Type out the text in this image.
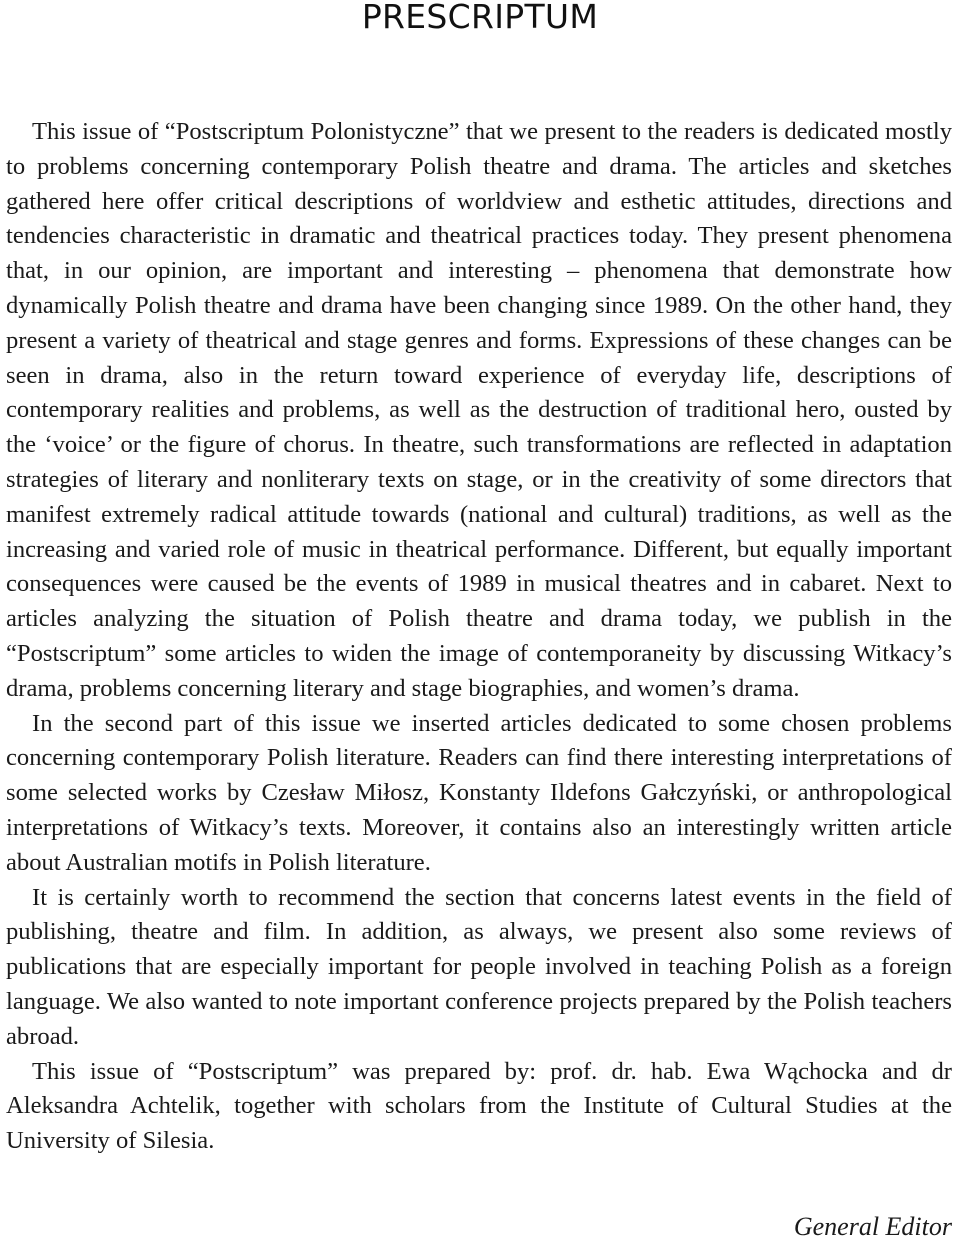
PRESCRIPTUM

This issue of “Postscriptum Polonistyczne” that we present to the readers is dedicated mostly to problems concerning contemporary Polish theatre and drama. The articles and sketches gathered here offer critical descriptions of worldview and esthetic attitudes, directions and tendencies characteristic in dramatic and theatrical practices today. They present phenomena that, in our opinion, are important and interesting – phenomena that demonstrate how dynamically Polish theatre and drama have been changing since 1989. On the other hand, they present a variety of theatrical and stage genres and forms. Expressions of these changes can be seen in drama, also in the return toward experience of everyday life, descriptions of contemporary realities and problems, as well as the destruction of traditional hero, ousted by the ‘voice’ or the figure of chorus. In theatre, such transformations are reflected in adaptation strategies of literary and nonliterary texts on stage, or in the creativity of some directors that manifest extremely radical attitude towards (national and cultural) traditions, as well as the increasing and varied role of music in theatrical performance. Different, but equally important consequences were caused be the events of 1989 in musical theatres and in cabaret. Next to articles analyzing the situation of Polish theatre and drama today, we publish in the “Postscriptum” some articles to widen the image of contemporaneity by discussing Witkacy’s drama, problems concerning literary and stage biographies, and women’s drama.

In the second part of this issue we inserted articles dedicated to some chosen problems concerning contemporary Polish literature. Readers can find there interesting interpretations of some selected works by Czesław Miłosz, Konstanty Ildefons Gałczyński, or anthropological interpretations of Witkacy’s texts. Moreover, it contains also an interestingly written article about Australian motifs in Polish literature.

It is certainly worth to recommend the section that concerns latest events in the field of publishing, theatre and film. In addition, as always, we present also some reviews of publications that are especially important for people involved in teaching Polish as a foreign language. We also wanted to note important conference projects prepared by the Polish teachers abroad.

This issue of “Postscriptum” was prepared by: prof. dr. hab. Ewa Wąchocka and dr Aleksandra Achtelik, together with scholars from the Institute of Cultural Studies at the University of Silesia.

General Editor
